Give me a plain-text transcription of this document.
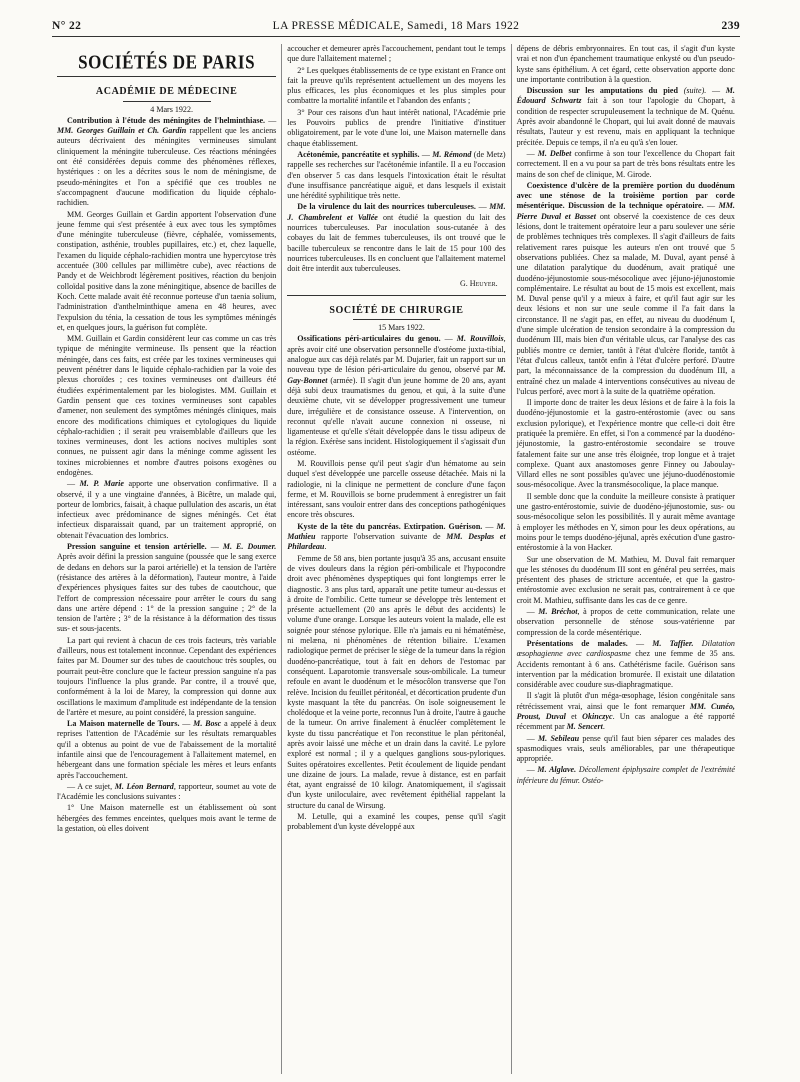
N° 22	LA PRESSE MÉDICALE, Samedi, 18 Mars 1922	239
SOCIÉTÉS DE PARIS
ACADÉMIE DE MÉDECINE

4 Mars 1922.

Contribution à l'étude des méningites de l'helminthiase. — MM. Georges Guillain et Ch. Gardin rappellent que les anciens auteurs décrivaient des méningites vermineuses simulant cliniquement la méningite tuberculeuse. Ces réactions méningées ont été considérées depuis comme des phénomènes réflexes, hystériques : on les a décrites sous le nom de méningisme, de pseudo-méningites et l'on a spécifié que ces troubles ne s'accompagnent d'aucune modification du liquide céphalo-rachidien.

MM. Georges Guillain et Gardin apportent l'observation d'une jeune femme qui s'est présentée à eux avec tous les symptômes d'une méningite tuberculeuse (fièvre, céphalée, vomissements, constipation, asthénie, troubles pupillaires, etc.) et, chez laquelle, l'examen du liquide céphalo-rachidien montra une hypercytose très accentuée (300 cellules par millimètre cube), avec réactions de Pandy et de Weichbrodt légèrement positives, réaction du benjoin colloïdal positive dans la zone méningitique, absence de bacilles de Koch. Cette malade avait été reconnue porteuse d'un taenia solium, l'administration d'anthelminthique amena en 48 heures, avec l'expulsion du ténia, la cessation de tous les symptômes méningés et, en quelques jours, la guérison fut complète.

MM. Guillain et Gardin considèrent leur cas comme un cas très typique de méningite vermineuse. Ils pensent que la réaction méningée, dans ces faits, est créée par les toxines vermineuses qui peuvent pénétrer dans le liquide céphalo-rachidien par la voie des plexus choroïdes ; ces toxines vermineuses ont d'ailleurs été étudiées expérimentalement par les biologistes. MM. Guillain et Gardin pensent que ces toxines vermineuses sont capables d'amener, non seulement des symptômes méningés cliniques, mais encore des modifications chimiques et cytologiques du liquide céphalo-rachidien ; il serait peu vraisemblable d'ailleurs que les toxines vermineuses, dont les actions nocives multiples sont connues, ne puissent agir dans la méninge comme agissent les toxines microbiennes et nombre d'autres poisons exogènes ou endogènes.

— M. P. Marie apporte une observation confirmative. Il a observé, il y a une vingtaine d'années, à Bicêtre, un malade qui, porteur de lombrics, faisait, à chaque pullulation des ascaris, un état infectieux avec prédominance de signes méningés. Cet état infectieux disparaissait quand, par un traitement approprié, on obtenait l'évacuation des lombrics.

Pression sanguine et tension artérielle. — M. E. Doumer. Après avoir défini la pression sanguine (poussée que le sang exerce de dedans en dehors sur la paroi artérielle) et la tension de l'artère (résistance des artères à la déformation), l'auteur montre, à l'aide d'expériences physiques faites sur des tubes de caoutchouc, que l'effort de compression nécessaire pour arrêter le cours du sang dans une artère dépend : 1° de la pression sanguine ; 2° de la tension de l'artère ; 3° de la résistance à la déformation des tissus sus- et sous-jacents.

La part qui revient à chacun de ces trois facteurs, très variable d'ailleurs, nous est totalement inconnue. Cependant des expériences faites par M. Doumer sur des tubes de caoutchouc très souples, ou pourrait peut-être conclure que le facteur pression sanguine n'a pas toujours l'influence la plus grande. Par contre, il a trouvé que, conformément à la loi de Marey, la compression qui donne aux oscillations le maximum d'amplitude est indépendante de la tension de l'artère et mesure, au point considéré, la pression sanguine.

La Maison maternelle de Tours. — M. Bosc a appelé à deux reprises l'attention de l'Académie sur les résultats remarquables qu'il a obtenus au point de vue de l'abaissement de la mortalité infantile ainsi que de l'encouragement à l'allaitement maternel, en hébergeant dans une formation spéciale les mères et leurs enfants après l'accouchement.

— A ce sujet, M. Léon Bernard, rapporteur, soumet au vote de l'Académie les conclusions suivantes :

1° Une Maison maternelle est un établissement où sont hébergées des femmes enceintes, quelques mois avant le terme de la gestation, où elles doivent

accoucher et demeurer après l'accouchement, pendant tout le temps que dure l'allaitement maternel ;

2° Les quelques établissements de ce type existant en France ont fait la preuve qu'ils représentent actuellement un des moyens les plus efficaces, les plus économiques et les plus simples pour combattre la mortalité infantile et l'abandon des enfants ;

3° Pour ces raisons d'un haut intérêt national, l'Académie prie les Pouvoirs publics de prendre l'initiative d'instituer obligatoirement, par le vote d'une loi, une Maison maternelle dans chaque établissement.

Acétonémie, pancréatite et syphilis. — M. Rémond (de Metz) rappelle ses recherches sur l'acétonémie infantile. Il a eu l'occasion d'en observer 5 cas dans lesquels l'intoxication était le résultat d'une insuffisance pancréatique aiguë, et dans lesquels il existait une hérédité syphilitique très nette.

De la virulence du lait des nourrices tuberculeuses. — MM. J. Chambrelent et Vallée ont étudié la question du lait des nourrices tuberculeuses. Par inoculation sous-cutanée à des cobayes du lait de femmes tuberculeuses, ils ont trouvé que le bacille tuberculeux se rencontre dans le lait de 15 pour 100 des nourrices tuberculeuses. Ils en concluent que l'allaitement maternel doit être interdit aux tuberculeuses.

G. Heuyer.
SOCIÉTÉ DE CHIRURGIE

15 Mars 1922.

Ossifications péri-articulaires du genou. — M. Rouvillois, après avoir cité une observation personnelle d'ostéome juxta-tibial, analogue aux cas déjà relatés par M. Dujarier, fait un rapport sur un nouveau type de lésion péri-articulaire du genou, observé par M. Gay-Bonnet (armée). Il s'agit d'un jeune homme de 20 ans, ayant déjà subi deux traumatismes du genou, et qui, à la suite d'une deuxième chute, vit se développer progressivement une tumeur dure, irrégulière et de consistance osseuse. A l'intervention, on reconnut qu'elle n'avait aucune connexion ni osseuse, ni ligamenteuse et qu'elle s'était développée dans le tissu adipeux de la région. Exérèse sans incident. Histologiquement il s'agissait d'un ostéome.

M. Rouvillois pense qu'il peut s'agir d'un hématome au sein duquel s'est développée une parcelle osseuse détachée. Mais ni la radiologie, ni la clinique ne permettent de conclure d'une façon ferme, et M. Rouvillois se borne prudemment à enregistrer un fait intéressant, sans vouloir entrer dans des conceptions pathogéniques encore très obscures.

Kyste de la tête du pancréas. Extirpation. Guérison. — M. Mathieu rapporte l'observation suivante de MM. Desplas et Philardeau.

Femme de 58 ans, bien portante jusqu'à 35 ans, accusant ensuite de vives douleurs dans la région péri-ombilicale et l'hypocondre droit avec phénomènes dyspeptiques qui font longtemps errer le diagnostic. 3 ans plus tard, apparaît une petite tumeur au-dessus et à droite de l'ombilic. Cette tumeur se développe très lentement et présente actuellement (20 ans après le début des accidents) le volume d'une orange. Lorsque les auteurs voient la malade, elle est soignée pour sténose pylorique. Elle n'a jamais eu ni hématémèse, ni melæna, ni phénomènes de rétention biliaire. L'examen radiologique permet de préciser le siège de la tumeur dans la région duodéno-pancréatique, tout à fait en dehors de l'estomac par conséquent. Laparotomie transversale sous-ombilicale. La tumeur refoule en avant le duodénum et le mésocôlon transverse que l'on relève. Incision du feuillet péritonéal, et décortication prudente d'un kyste masquant la tête du pancréas. On isole soigneusement le cholédoque et la veine porte, reconnus l'un à droite, l'autre à gauche de la tumeur. On arrive finalement à énucléer complètement le kyste du tissu pancréatique et l'on reconstitue le plan péritonéal, après avoir laissé une mèche et un drain dans la cavité. Le pylore exploré est normal ; il y a quelques ganglions sous-pyloriques. Suites opératoires excellentes. Petit écoulement de liquide pendant une dizaine de jours. La malade, revue à distance, est en parfait état, ayant engraissé de 10 kilogr. Anatomiquement, il s'agissait d'un kyste uniloculaire, avec revêtement épithélial rappelant la structure du canal de Wirsung.

M. Letulle, qui a examiné les coupes, pense qu'il s'agit probablement d'un kyste développé aux

dépens de débris embryonnaires. En tout cas, il s'agit d'un kyste vrai et non d'un épanchement traumatique enkysté ou d'un pseudo-kyste sans épithélium. A cet égard, cette observation apporte donc une importante contribution à la question.

Discussion sur les amputations du pied (suite). — M. Édouard Schwartz fait à son tour l'apologie du Chopart, à condition de respecter scrupuleusement la technique de M. Quénu. Après avoir abandonné le Chopart, qui lui avait donné de mauvais résultats, l'auteur y est revenu, mais en appliquant la technique précitée. Depuis ce temps, il n'a eu qu'à s'en louer.

— M. Delbet confirme à son tour l'excellence du Chopart fait correctement. Il en a vu pour sa part de très bons résultats entre les mains de son chef de clinique, M. Girode.

Coexistence d'ulcère de la première portion du duodénum avec une sténose de la troisième portion par corde mésentérique. Discussion de la technique opératoire. — MM. Pierre Duval et Basset ont observé la coexistence de ces deux lésions, dont le traitement opératoire leur a paru soulever une série de problèmes techniques très complexes. Il s'agit d'ailleurs de faits relativement rares puisque les auteurs n'en ont trouvé que 5 observations publiées. Chez sa malade, M. Duval, ayant pensé à une dilatation paralytique du duodénum, avait pratiqué une duodéno-jéjunostomie sous-mésocolique avec jéjuno-jéjunostomie complémentaire. Le résultat au bout de 15 mois est excellent, mais M. Duval pense qu'il y a mieux à faire, et qu'il faut agir sur les deux lésions et non sur une seule comme il l'a fait dans la circonstance. Il ne s'agit pas, en effet, au niveau du duodénum I, d'une simple ulcération de tension secondaire à la compression du duodénum III, mais bien d'un véritable ulcus, car l'analyse des cas publiés montre ce dernier, tantôt à l'état d'ulcère floride, tantôt à l'état d'ulcus calleux, tantôt enfin à l'état d'ulcère perforé. D'autre part, la méconnaissance de la compression du duodénum III, a entraîné chez un malade 4 interventions consécutives au niveau de l'ulcus perforé, avec mort à la suite de la quatrième opération.

Il importe donc de traiter les deux lésions et de faire à la fois la duodéno-jéjunostomie et la gastro-entérostomie (avec ou sans exclusion pylorique), et l'expérience montre que celle-ci doit être pratiquée la première. En effet, si l'on a commencé par la duodéno-jéjunostomie, la gastro-entérostomie secondaire se trouve fatalement faite sur une anse très éloignée, trop longue et à trajet complexe. Quant aux anastomoses genre Finney ou Jaboulay-Villard elles ne sont possibles qu'avec une jéjuno-duodénostomie sous-mésocolique. Avec la transmésocolique, la place manque.

Il semble donc que la conduite la meilleure consiste à pratiquer une gastro-entérostomie, suivie de duodéno-jéjunostomie, sus- ou sous-mésocolique selon les possibilités. Il y aurait même avantage à employer les méthodes en Y, simon pour les deux opérations, au moins pour le temps duodéno-jéjunal, après exécution d'une gastro-entérostomie à la von Hacker.

Sur une observation de M. Mathieu, M. Duval fait remarquer que les sténoses du duodénum III sont en général peu serrées, mais présentent des phases de stricture accentuée, et que la gastro-entérostomie avec exclusion ne serait pas, contrairement à ce que croit M. Mathieu, suffisante dans les cas de ce genre.

— M. Bréchot, à propos de cette communication, relate une observation personnelle de sténose sous-vatérienne par compression de la corde mésentérique.

Présentations de malades. — M. Taffier. Dilatation œsophagienne avec cardiospasme chez une femme de 35 ans. Accidents remontant à 6 ans. Cathétérisme facile. Guérison sans intervention par la médication bromurée. Il existait une dilatation considérable avec coudure sus-diaphragmatique.

Il s'agit là plutôt d'un méga-œsophage, lésion congénitale sans rétrécissement vrai, ainsi que le font remarquer MM. Cunéo, Proust, Duval et Okinczyc. Un cas analogue a été rapporté récemment par M. Sencert.

— M. Sebileau pense qu'il faut bien séparer ces malades des spasmodiques vrais, seuls améliorables, par une thérapeutique appropriée.

— M. Alglave. Décollement épiphysaire complet de l'extrémité inférieure du fémur. Ostéo-
